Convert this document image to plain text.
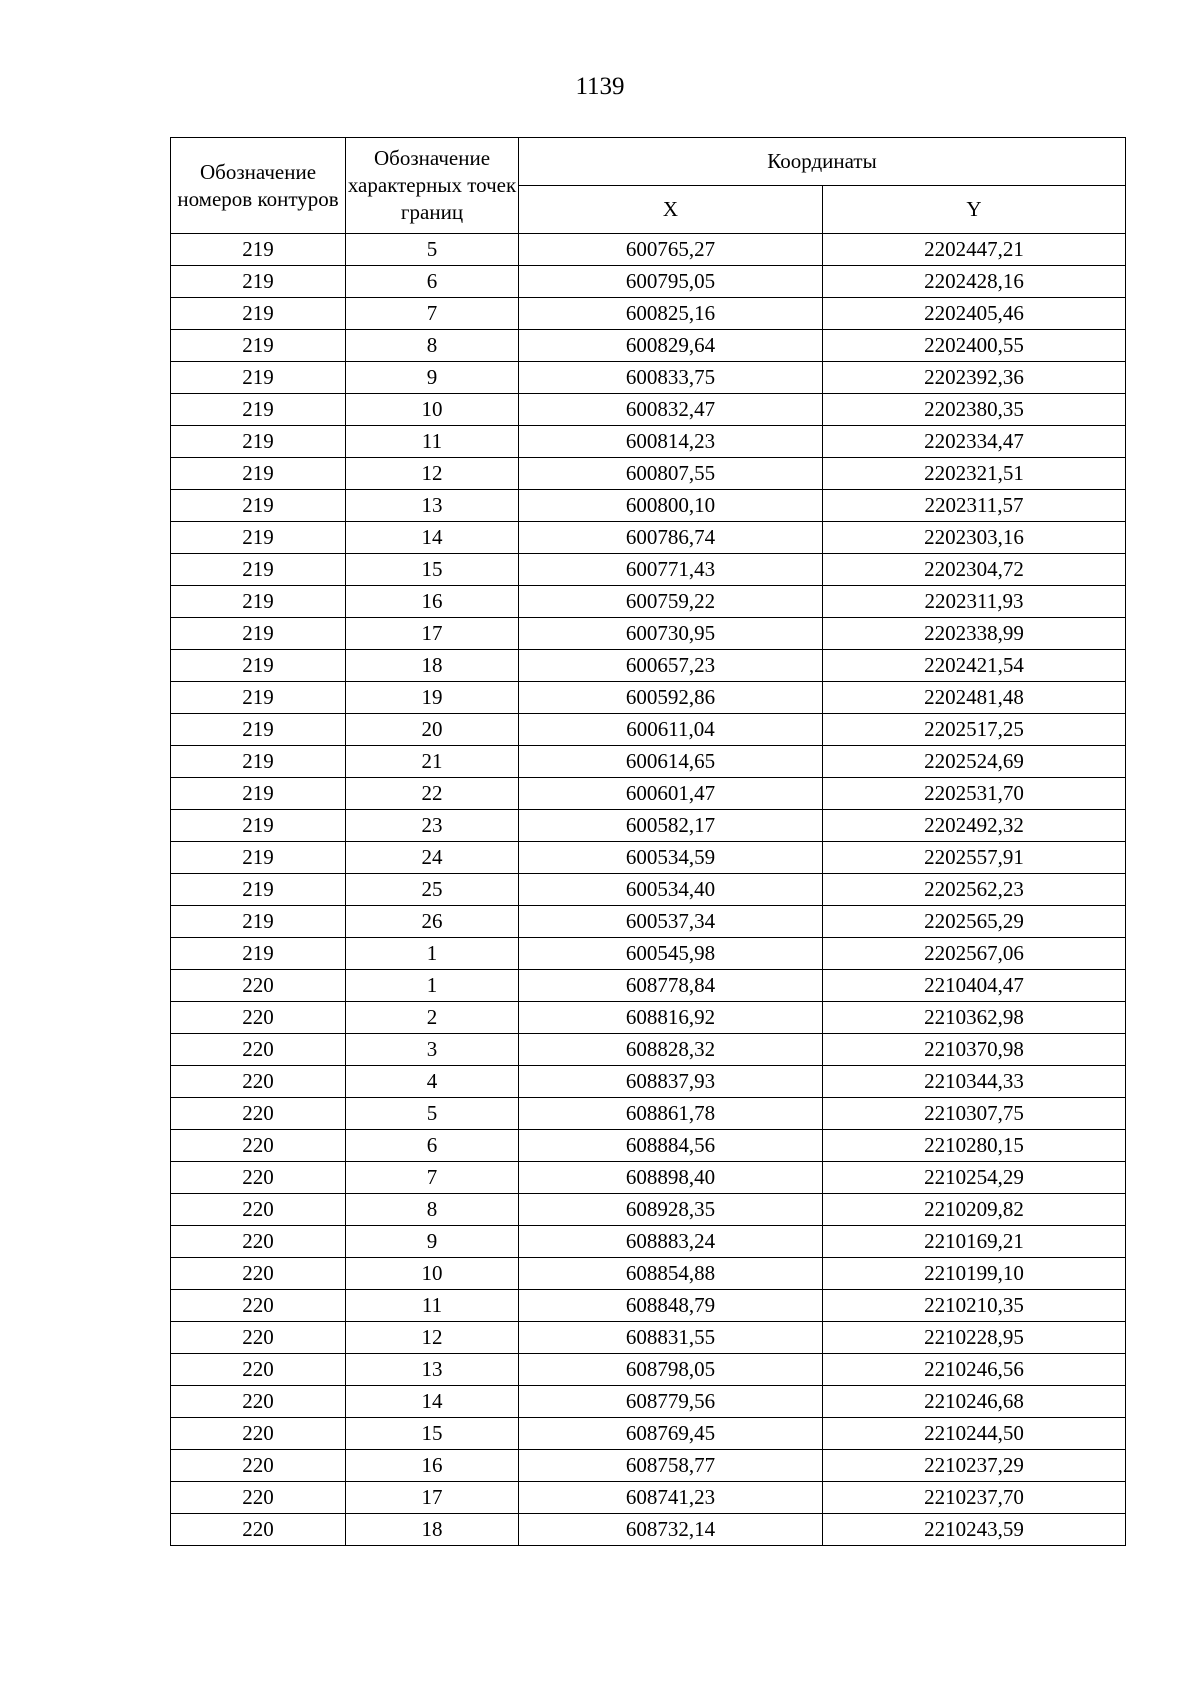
1139
Обозначение номеров контуров	Обозначение характерных точек границ	Координаты	
		X	Y
219	5	600765,27	2202447,21
219	6	600795,05	2202428,16
219	7	600825,16	2202405,46
219	8	600829,64	2202400,55
219	9	600833,75	2202392,36
219	10	600832,47	2202380,35
219	11	600814,23	2202334,47
219	12	600807,55	2202321,51
219	13	600800,10	2202311,57
219	14	600786,74	2202303,16
219	15	600771,43	2202304,72
219	16	600759,22	2202311,93
219	17	600730,95	2202338,99
219	18	600657,23	2202421,54
219	19	600592,86	2202481,48
219	20	600611,04	2202517,25
219	21	600614,65	2202524,69
219	22	600601,47	2202531,70
219	23	600582,17	2202492,32
219	24	600534,59	2202557,91
219	25	600534,40	2202562,23
219	26	600537,34	2202565,29
219	1	600545,98	2202567,06
220	1	608778,84	2210404,47
220	2	608816,92	2210362,98
220	3	608828,32	2210370,98
220	4	608837,93	2210344,33
220	5	608861,78	2210307,75
220	6	608884,56	2210280,15
220	7	608898,40	2210254,29
220	8	608928,35	2210209,82
220	9	608883,24	2210169,21
220	10	608854,88	2210199,10
220	11	608848,79	2210210,35
220	12	608831,55	2210228,95
220	13	608798,05	2210246,56
220	14	608779,56	2210246,68
220	15	608769,45	2210244,50
220	16	608758,77	2210237,29
220	17	608741,23	2210237,70
220	18	608732,14	2210243,59
